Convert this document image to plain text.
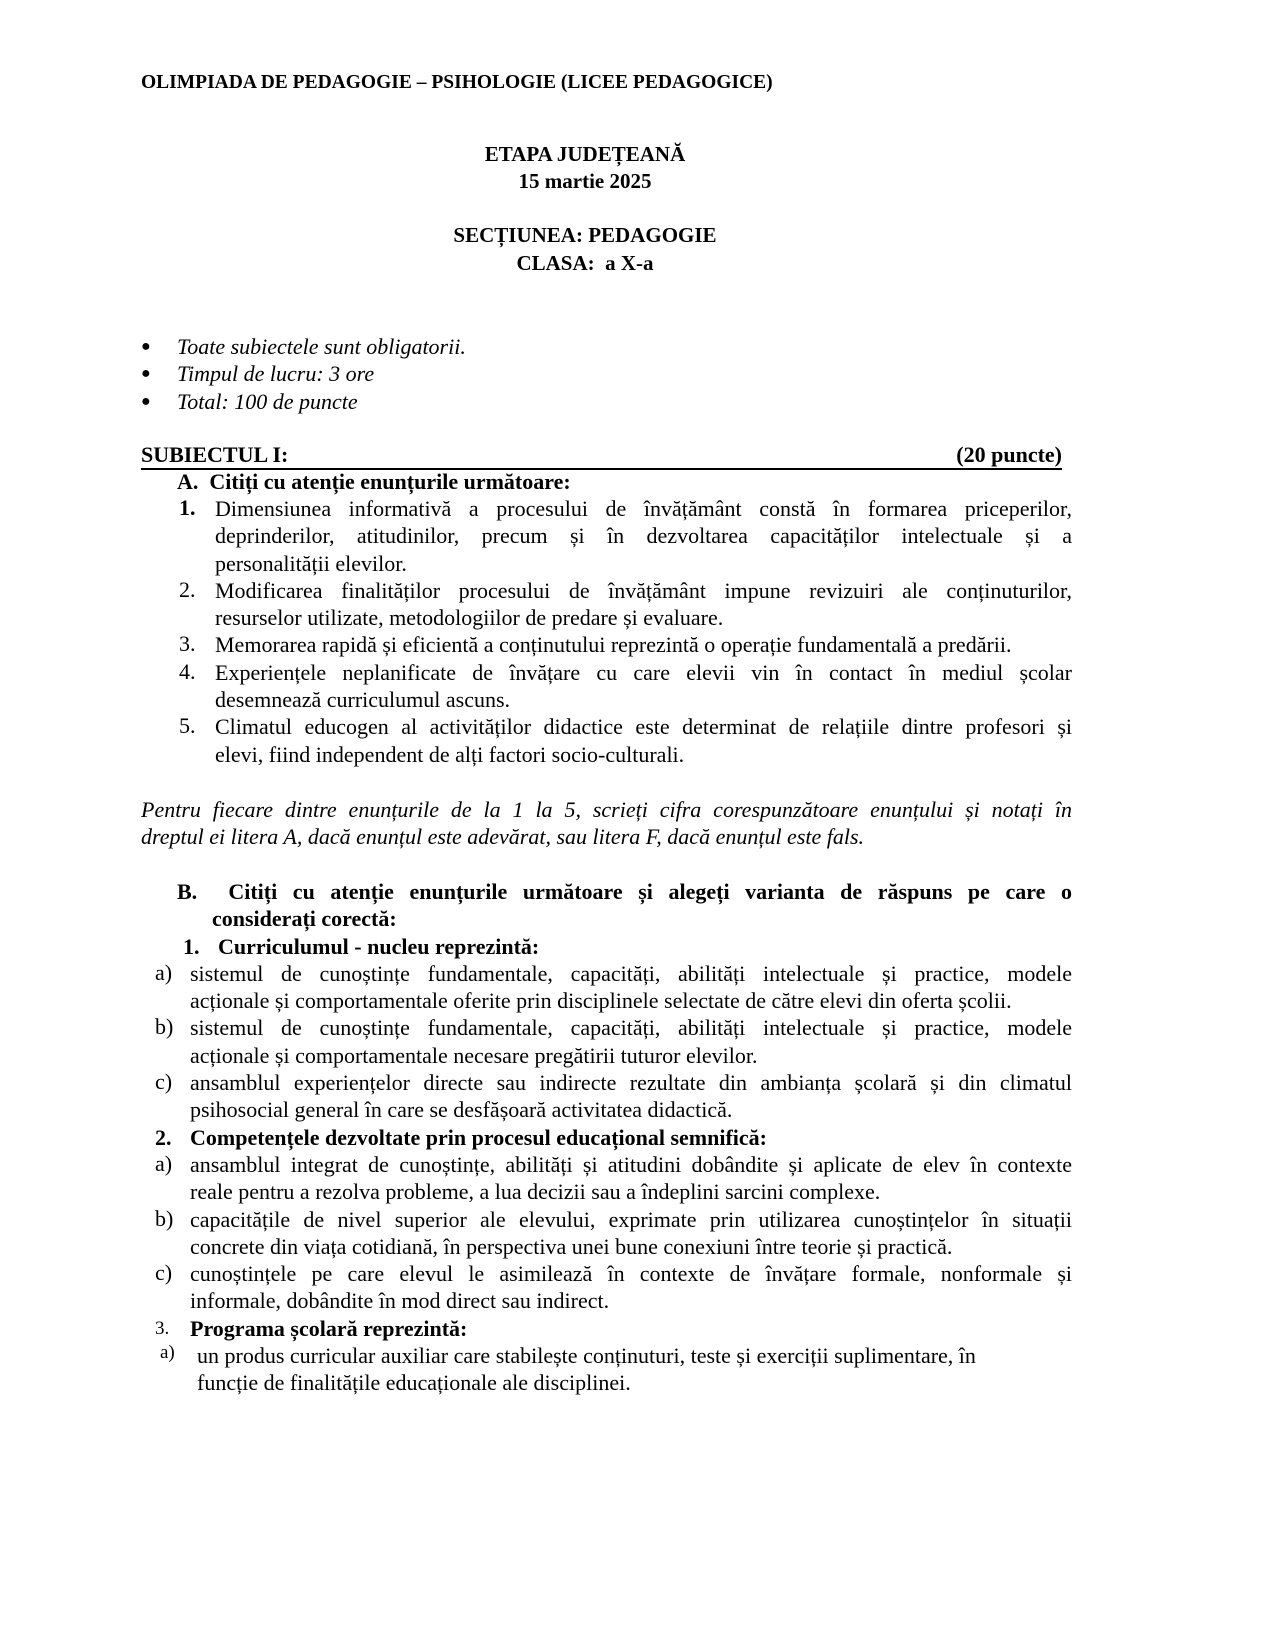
OLIMPIADA DE PEDAGOGIE – PSIHOLOGIE (LICEE PEDAGOGICE)
ETAPA JUDEȚEANĂ
15 martie 2025
SECȚIUNEA: PEDAGOGIE
CLASA:  a X-a
● Toate subiectele sunt obligatorii.
● Timpul de lucru: 3 ore
● Total: 100 de puncte
SUBIECTUL I:	(20 puncte)
A.  Citiți cu atenție enunțurile următoare:
1. Dimensiunea informativă a procesului de învățământ constă în formarea priceperilor,
deprinderilor, atitudinilor, precum și în dezvoltarea capacităților intelectuale și a
personalității elevilor.
2. Modificarea finalităților procesului de învățământ impune revizuiri ale conținuturilor,
resurselor utilizate, metodologiilor de predare și evaluare.
3. Memorarea rapidă și eficientă a conținutului reprezintă o operație fundamentală a predării.
4. Experiențele neplanificate de învățare cu care elevii vin în contact în mediul școlar
desemnează curriculumul ascuns.
5. Climatul educogen al activităților didactice este determinat de relațiile dintre profesori și
elevi, fiind independent de alți factori socio-culturali.
Pentru fiecare dintre enunțurile de la 1 la 5, scrieți cifra corespunzătoare enunțului și notați în
dreptul ei litera A, dacă enunțul este adevărat, sau litera F, dacă enunțul este fals.
B.  Citiți cu atenție enunțurile următoare și alegeți varianta de răspuns pe care o
considerați corectă:
1. Curriculumul - nucleu reprezintă:
a) sistemul de cunoștințe fundamentale, capacități, abilități intelectuale și practice, modele
acționale și comportamentale oferite prin disciplinele selectate de către elevi din oferta școlii.
b) sistemul de cunoștințe fundamentale, capacități, abilități intelectuale și practice, modele
acționale și comportamentale necesare pregătirii tuturor elevilor.
c) ansamblul experiențelor directe sau indirecte rezultate din ambianța școlară și din climatul
psihosocial general în care se desfășoară activitatea didactică.
2. Competențele dezvoltate prin procesul educațional semnifică:
a) ansamblul integrat de cunoștințe, abilități și atitudini dobândite și aplicate de elev în contexte
reale pentru a rezolva probleme, a lua decizii sau a îndeplini sarcini complexe.
b) capacitățile de nivel superior ale elevului, exprimate prin utilizarea cunoștințelor în situații
concrete din viața cotidiană, în perspectiva unei bune conexiuni între teorie și practică.
c) cunoștințele pe care elevul le asimilează în contexte de învățare formale, nonformale și
informale, dobândite în mod direct sau indirect.
3. Programa școlară reprezintă:
a) un produs curricular auxiliar care stabilește conținuturi, teste și exerciții suplimentare, în
funcție de finalitățile educaționale ale disciplinei.
